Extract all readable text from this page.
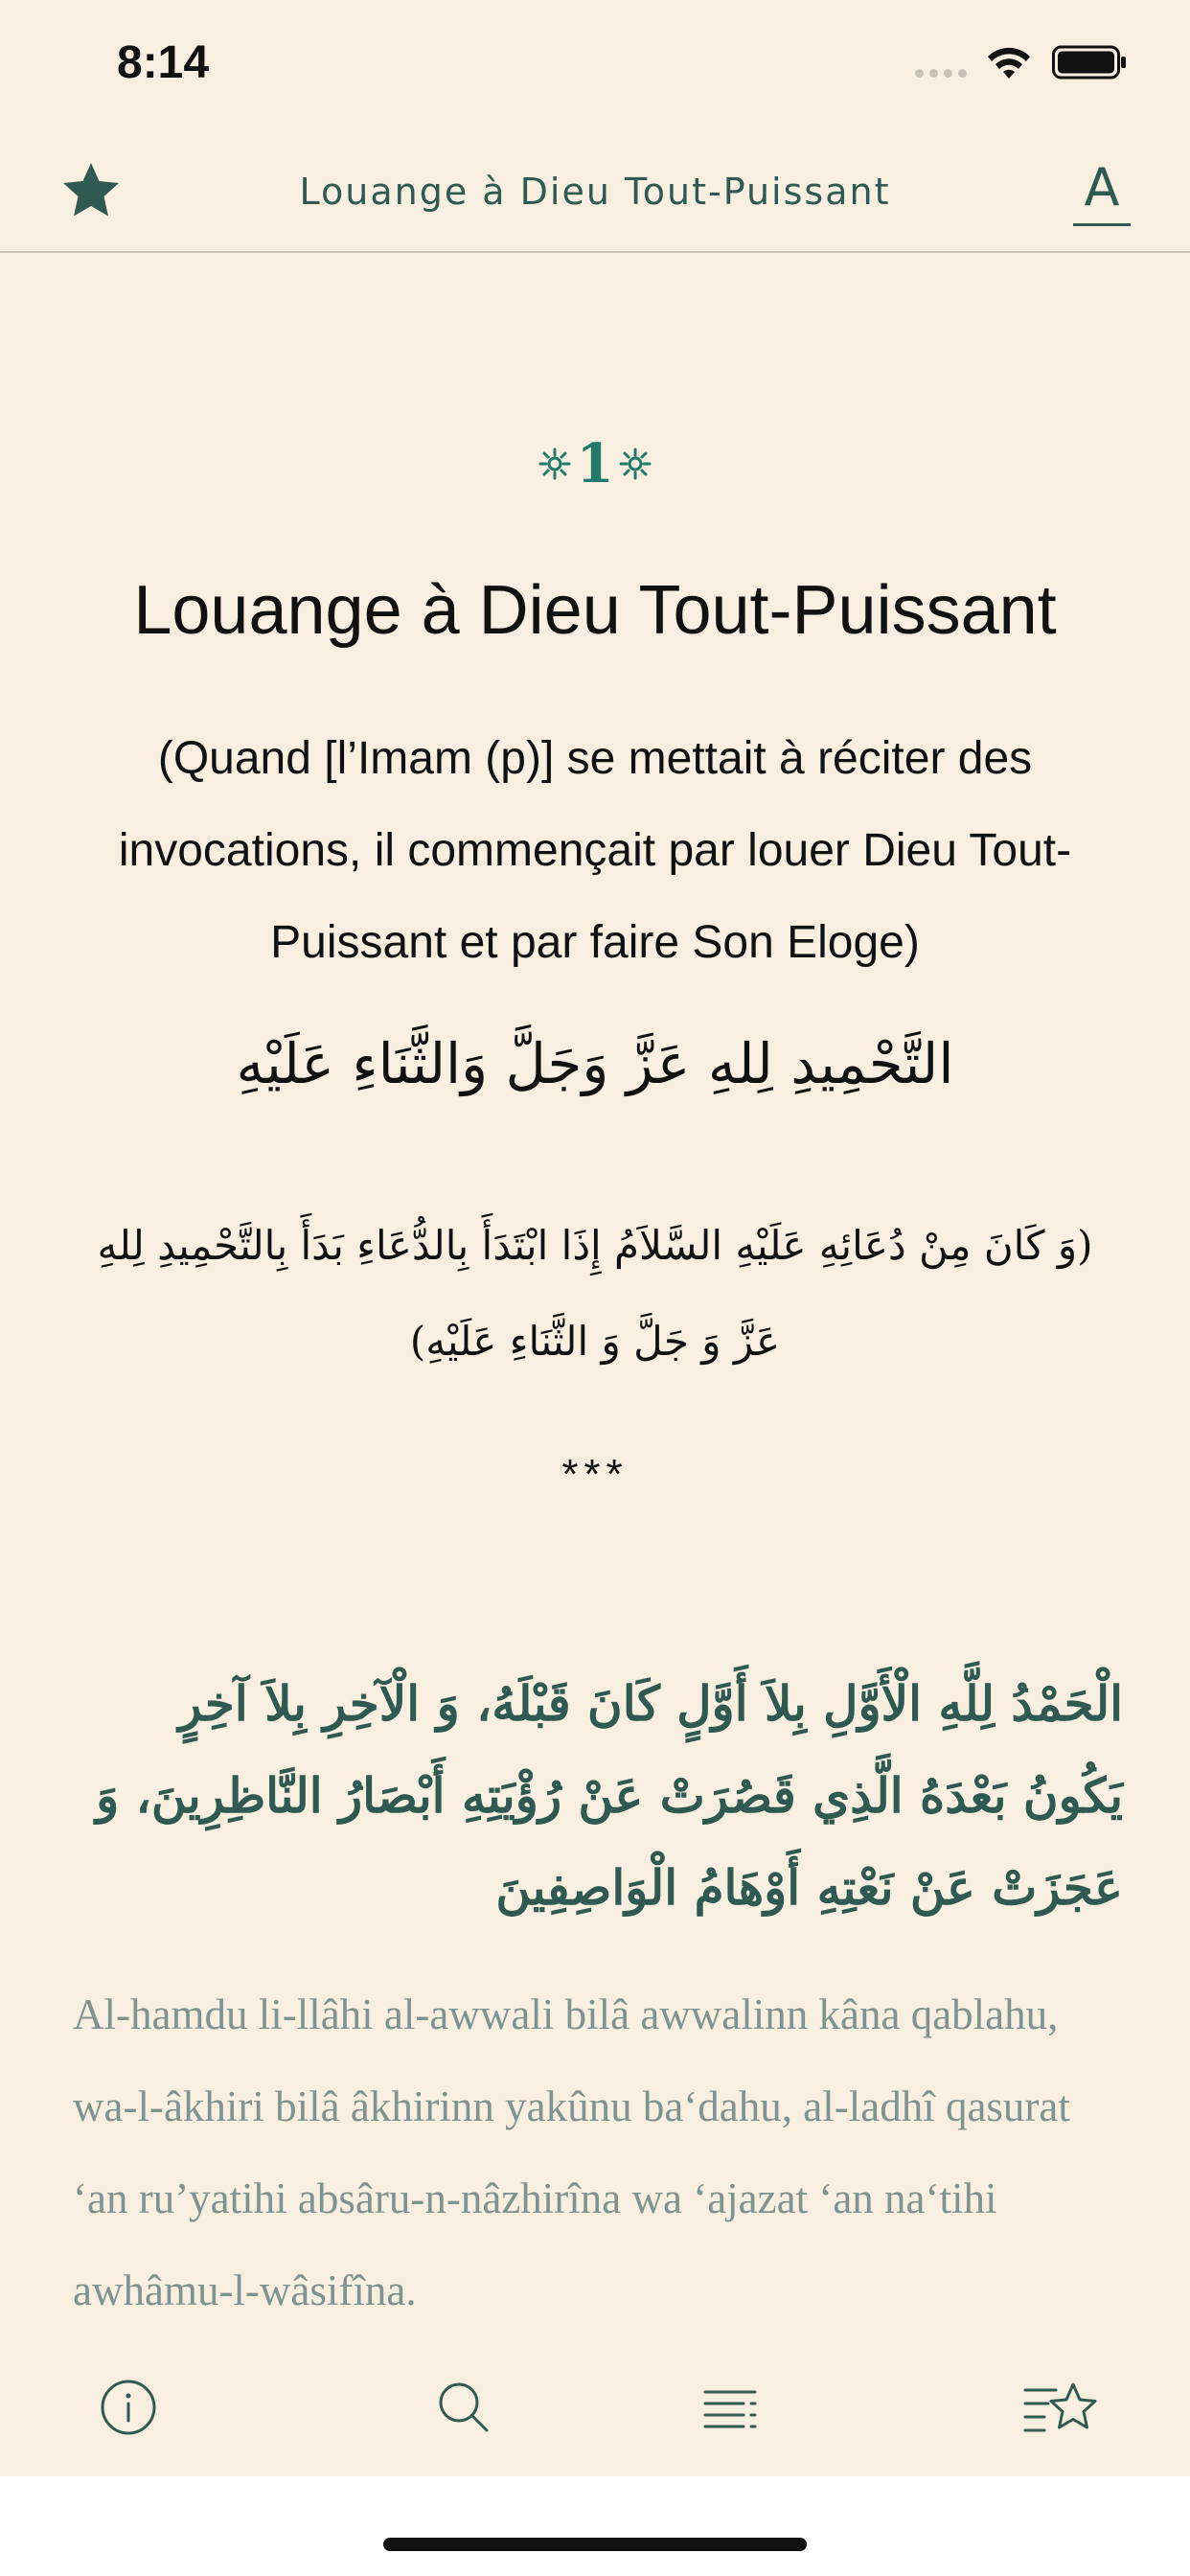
8:14
Louange à Dieu Tout-Puissant	A
1
Louange à Dieu Tout-Puissant
(Quand [l’Imam (p)] se mettait à réciter des invocations, il commençait par louer Dieu Tout-Puissant et par faire Son Eloge)
التَّحْمِيدِ لِلهِ عَزَّ وَجَلَّ وَالثَّنَاءِ عَلَيْهِ
(وَ كَانَ مِنْ دُعَائِهِ عَلَيْهِ السَّلاَمُ إِذَا ابْتَدَأَ بِالدُّعَاءِ بَدَأَ بِالتَّحْمِيدِ لِلهِ عَزَّ وَ جَلَّ وَ الثَّنَاءِ عَلَيْهِ)
***
الْحَمْدُ لِلَّهِ الْأَوَّلِ بِلاَ أَوَّلٍ كَانَ قَبْلَهُ، وَ الْآخِرِ بِلاَ آخِرٍ يَكُونُ بَعْدَهُ الَّذِي قَصُرَتْ عَنْ رُؤْيَتِهِ أَبْصَارُ النَّاظِرِينَ، وَ عَجَزَتْ عَنْ نَعْتِهِ أَوْهَامُ الْوَاصِفِينَ
Al-hamdu li-llâhi al-awwali bilâ awwalinn kâna qablahu, wa-l-âkhiri bilâ âkhirinn yakûnu ba‘dahu, al-ladhî qasurat ‘an ru’yatihi absâru-n-nâzhirîna wa ‘ajazat ‘an na‘tihi awhâmu-l-wâsifîna.
